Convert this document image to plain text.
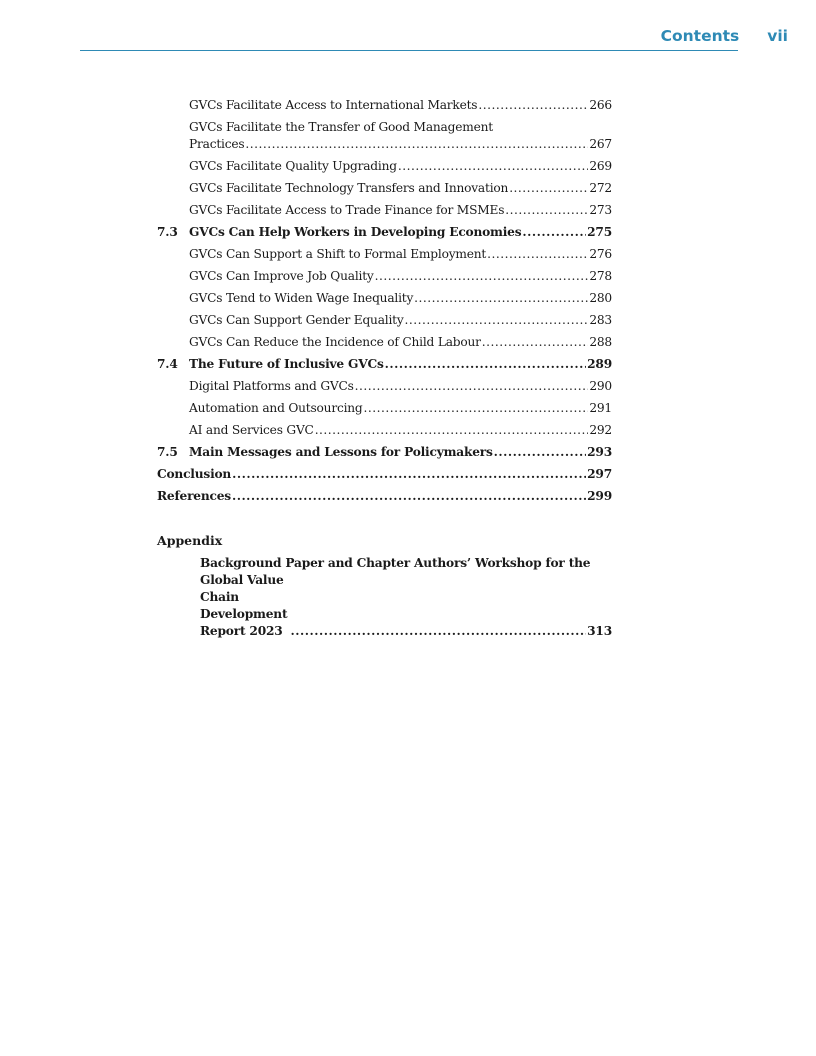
Contents vii
GVCs Facilitate Access to International Markets .....	266
GVCs Facilitate the Transfer of Good Management
Practices .....	267
GVCs Facilitate Quality Upgrading .....	269
GVCs Facilitate Technology Transfers and Innovation .....	272
GVCs Facilitate Access to Trade Finance for MSMEs .....	273
7.3 GVCs Can Help Workers in Developing Economies .....	275
GVCs Can Support a Shift to Formal Employment .....	276
GVCs Can Improve Job Quality .....	278
GVCs Tend to Widen Wage Inequality .....	280
GVCs Can Support Gender Equality .....	283
GVCs Can Reduce the Incidence of Child Labour .....	288
7.4 The Future of Inclusive GVCs .....	289
Digital Platforms and GVCs .....	290
Automation and Outsourcing .....	291
AI and Services GVC .....	292
7.5 Main Messages and Lessons for Policymakers .....	293
Conclusion .....	297
References .....	299
Appendix
Background Paper and Chapter Authors’ Workshop for the
Global Value Chain Development Report 2023 .....	313
